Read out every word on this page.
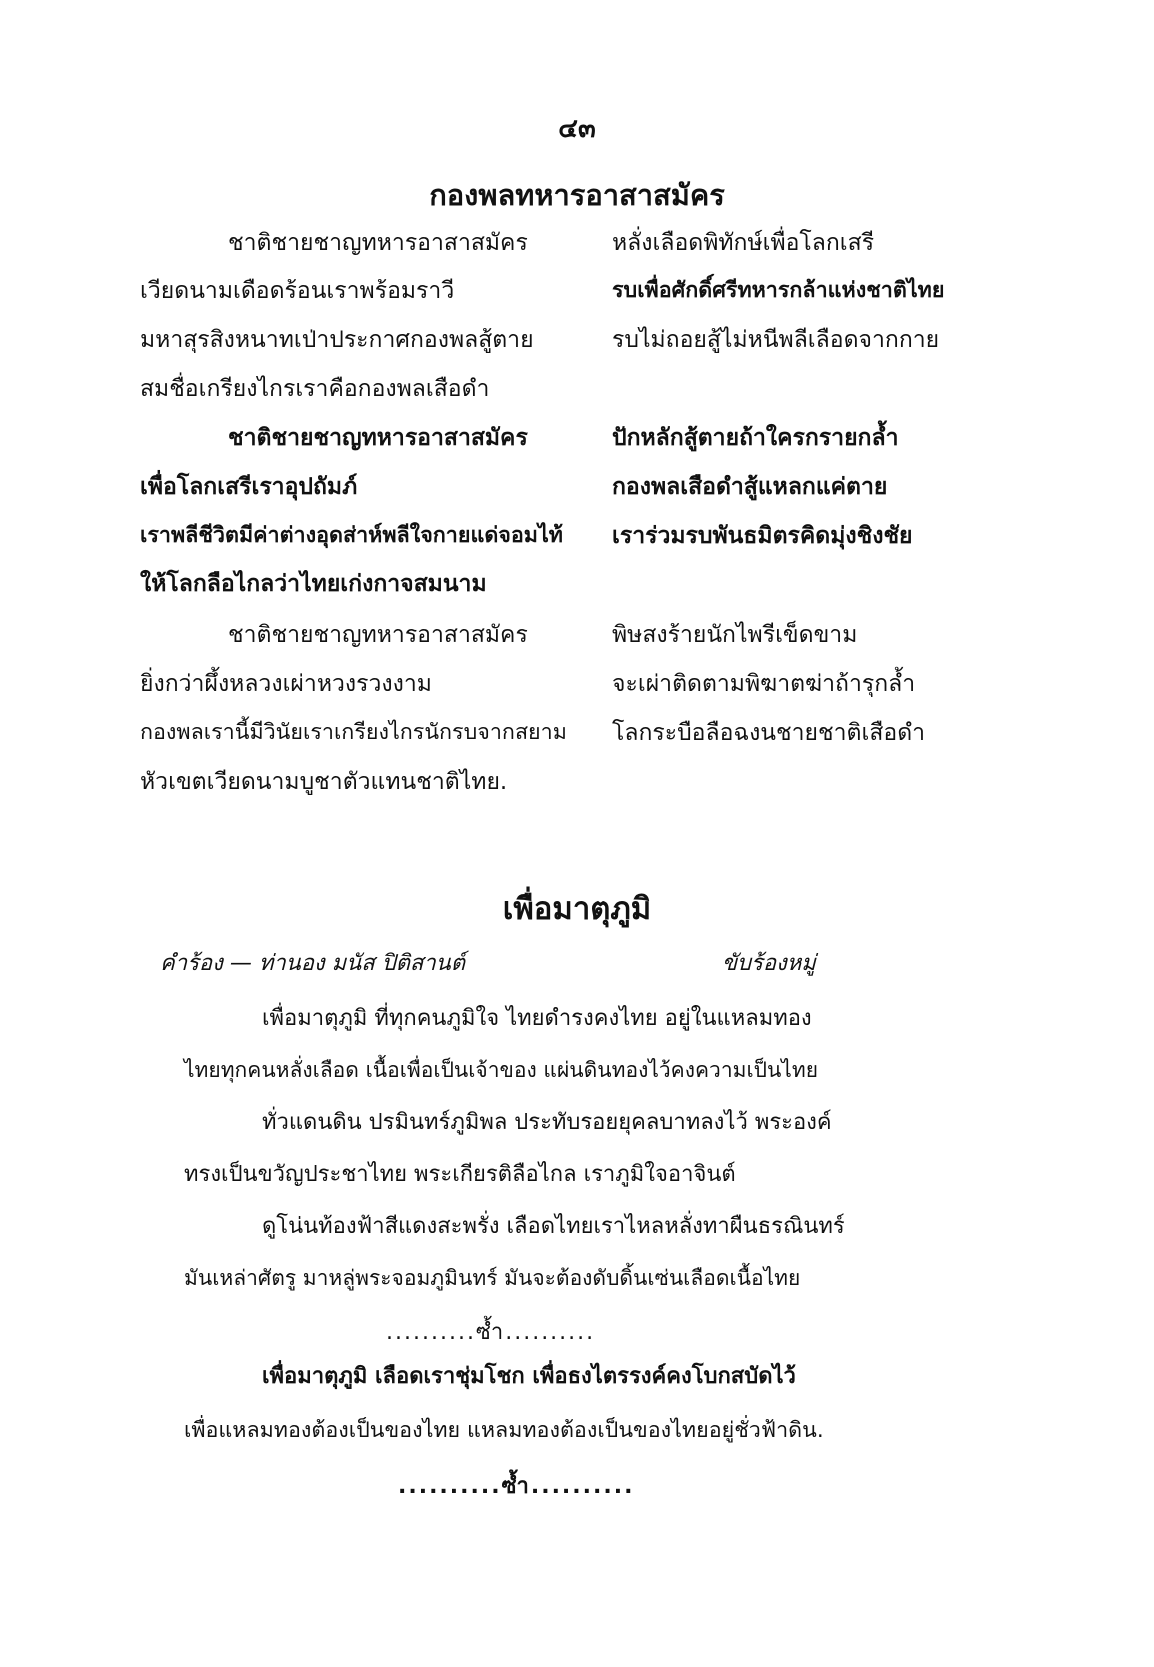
๔๓
กองพลทหารอาสาสมัคร
ชาติชายชาญทหารอาสาสมัคร
เวียดนามเดือดร้อนเราพร้อมราวี
มหาสุรสิงหนาทเป่าประกาศกองพลสู้ตาย
สมชื่อเกรียงไกรเราคือกองพลเสือดำ
ชาติชายชาญทหารอาสาสมัคร
เพื่อโลกเสรีเราอุปถัมภ์
เราพลีชีวิตมีค่าต่างอุดส่าห์พลีใจกายแด่จอมไท้
ให้โลกลือไกลว่าไทยเก่งกาจสมนาม
ชาติชายชาญทหารอาสาสมัคร
ยิ่งกว่าผึ้งหลวงเผ่าหวงรวงงาม
กองพลเรานี้มีวินัยเราเกรียงไกรนักรบจากสยาม
หัวเขตเวียดนามบูชาตัวแทนชาติไทย.
หลั่งเลือดพิทักษ์เพื่อโลกเสรี
รบเพื่อศักดิ์ศรีทหารกล้าแห่งชาติไทย
รบไม่ถอยสู้ไม่หนีพลีเลือดจากกาย
ปักหลักสู้ตายถ้าใครกรายกล้ำ
กองพลเสือดำสู้แหลกแค่ตาย
เราร่วมรบพันธมิตรคิดมุ่งชิงชัย
พิษสงร้ายนักไพรีเข็ดขาม
จะเผ่าติดตามพิฆาตฆ่าถ้ารุกล้ำ
โลกระบือลือฉงนชายชาติเสือดำ
เพื่อมาตุภูมิ
คำร้อง — ท่านอง มนัส ปิติสานต์	ขับร้องหมู่
เพื่อมาตุภูมิ ที่ทุกคนภูมิใจ ไทยดำรงคงไทย อยู่ในแหลมทอง
ไทยทุกคนหลั่งเลือด เนื้อเพื่อเป็นเจ้าของ แผ่นดินทองไว้คงความเป็นไทย
ทั่วแดนดิน ปรมินทร์ภูมิพล ประทับรอยยุคลบาทลงไว้ พระองค์
ทรงเป็นขวัญประชาไทย พระเกียรติลือไกล เราภูมิใจอาจินต์
ดูโน่นท้องฟ้าสีแดงสะพรั่ง เลือดไทยเราไหลหลั่งทาผืนธรณินทร์
มันเหล่าศัตรู มาหลู่พระจอมภูมินทร์ มันจะต้องดับดิ้นเซ่นเลือดเนื้อไทย
..........ซ้ำ..........
เพื่อมาตุภูมิ เลือดเราชุ่มโชก เพื่อธงไตรรงค์คงโบกสบัดไว้
เพื่อแหลมทองต้องเป็นของไทย แหลมทองต้องเป็นของไทยอยู่ชั่วฟ้าดิน.
..........ซ้ำ..........
